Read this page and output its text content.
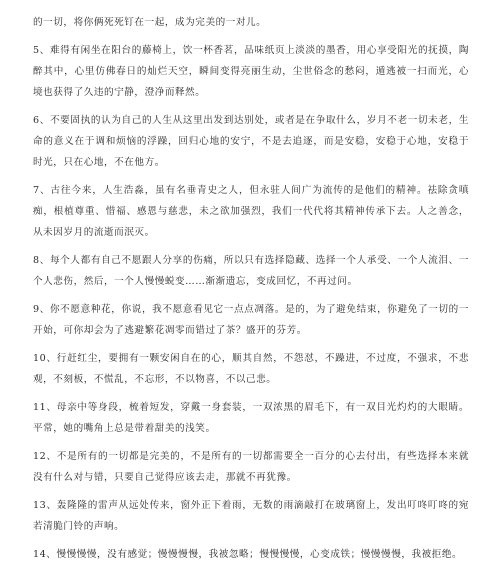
的一切，将你俩死死钉在一起，成为完美的一对儿。

5、难得有闲坐在阳台的藤椅上，饮一杯香茗，品味纸页上淡淡的墨香，用心享受阳光的抚摸，陶醉其中，心里仿佛春日的灿烂天空，瞬间变得亮丽生动，尘世俗念的愁闷，遁逃被一扫而光，心境也获得了久违的宁静，澄净而释然。

6、不要固执的认为自己的人生从这里出发到达别处，或者是在争取什么，岁月不老一切未老，生命的意义在于调和烦恼的浮躁，回归心地的安宁，不是去追逐，而是安稳，安稳于心地，安稳于时光，只在心地，不在他方。

7、古往今来，人生浩淼，虽有名垂青史之人，但永驻人间广为流传的是他们的精神。祛除贪嗔痴，根植尊重、惜福、感恩与慈悲，未之欲加强烈，我们一代代将其精神传承下去。人之善念，从未因岁月的流逝而泯灭。

8、每个人都有自己不愿跟人分享的伤痛，所以只有选择隐藏、选择一个人承受、一个人流泪、一个人悲伤，然后，一个人慢慢蜕变……渐渐遗忘，变成回忆，不再过问。

9、你不愿意种花，你说，我不愿意看见它一点点凋落。是的，为了避免结束，你避免了一切的一开始，可你却会为了逃避繁花凋零而错过了茶？盛开的芬芳。

10、行赶红尘，要拥有一颗安闲自在的心，顺其自然，不怨怼，不躁进，不过度，不强求，不悲观，不刻板，不慌乱，不忘形，不以物喜，不以己悲。

11、母亲中等身段，梳着短发，穿戴一身套装，一双浓黑的眉毛下，有一双目光灼灼的大眼睛。平常，她的嘴角上总是带着甜美的浅笑。

12、不是所有的一切都是完美的，不是所有的一切都需要全一百分的心去付出，有些选择本来就没有什么对与错，只要自己觉得应该去走，那就不再犹豫。

13、轰隆隆的雷声从远处传来，窗外正下着雨，无数的雨滴敲打在玻璃窗上，发出叮咚叮咚的宛若清脆门铃的声响。

14、慢慢慢慢，没有感觉；慢慢慢慢，我被忽略；慢慢慢慢，心变成铁；慢慢慢慢，我被拒绝。
